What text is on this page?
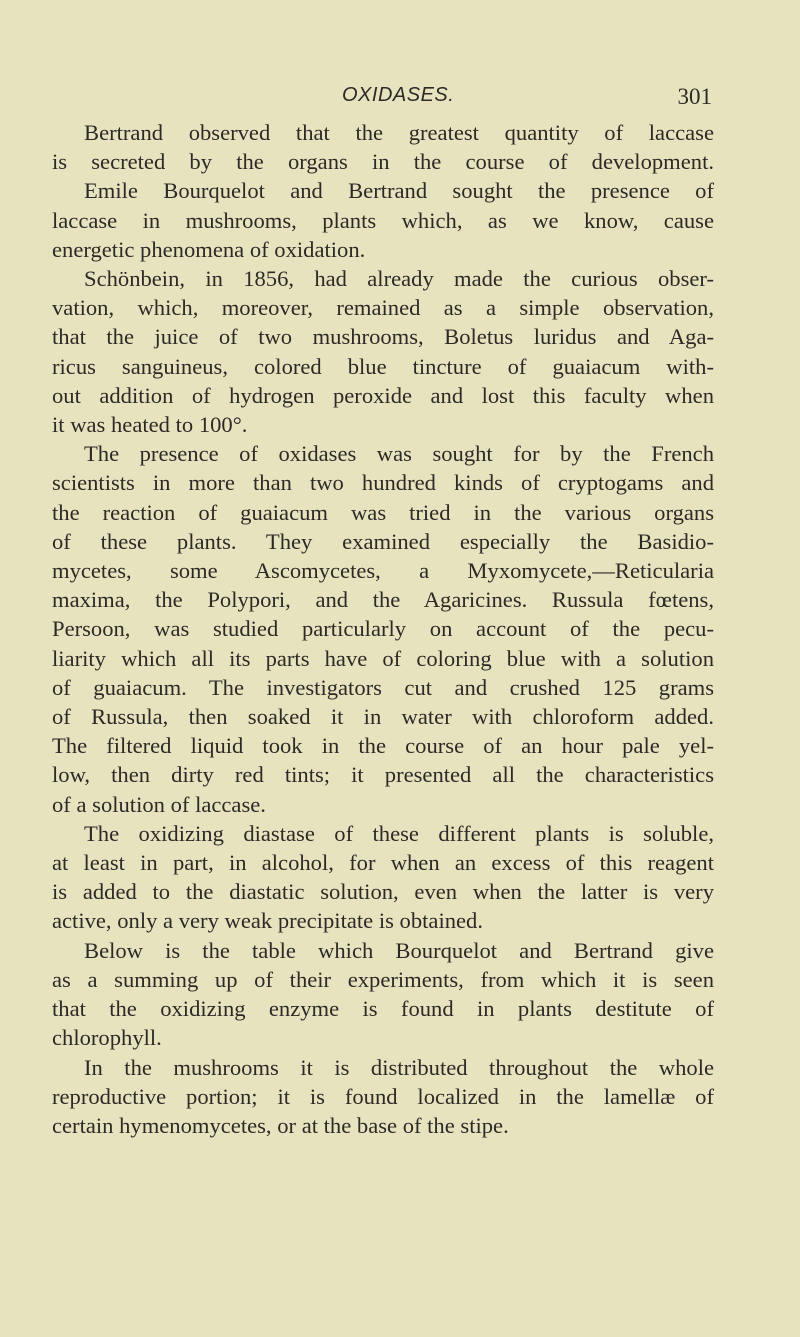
OXIDASES.	301
Bertrand observed that the greatest quantity of laccase
is secreted by the organs in the course of development.
Emile Bourquelot and Bertrand sought the presence of
laccase in mushrooms, plants which, as we know, cause
energetic phenomena of oxidation.
Schönbein, in 1856, had already made the curious obser-
vation, which, moreover, remained as a simple observation,
that the juice of two mushrooms, Boletus luridus and Aga-
ricus sanguineus, colored blue tincture of guaiacum with-
out addition of hydrogen peroxide and lost this faculty when
it was heated to 100°.
The presence of oxidases was sought for by the French
scientists in more than two hundred kinds of cryptogams and
the reaction of guaiacum was tried in the various organs
of these plants. They examined especially the Basidio-
mycetes, some Ascomycetes, a Myxomycete,—Reticularia
maxima, the Polypori, and the Agaricines. Russula fœtens,
Persoon, was studied particularly on account of the pecu-
liarity which all its parts have of coloring blue with a solution
of guaiacum. The investigators cut and crushed 125 grams
of Russula, then soaked it in water with chloroform added.
The filtered liquid took in the course of an hour pale yel-
low, then dirty red tints; it presented all the characteristics
of a solution of laccase.
The oxidizing diastase of these different plants is soluble,
at least in part, in alcohol, for when an excess of this reagent
is added to the diastatic solution, even when the latter is very
active, only a very weak precipitate is obtained.
Below is the table which Bourquelot and Bertrand give
as a summing up of their experiments, from which it is seen
that the oxidizing enzyme is found in plants destitute of
chlorophyll.
In the mushrooms it is distributed throughout the whole
reproductive portion; it is found localized in the lamellæ of
certain hymenomycetes, or at the base of the stipe.
